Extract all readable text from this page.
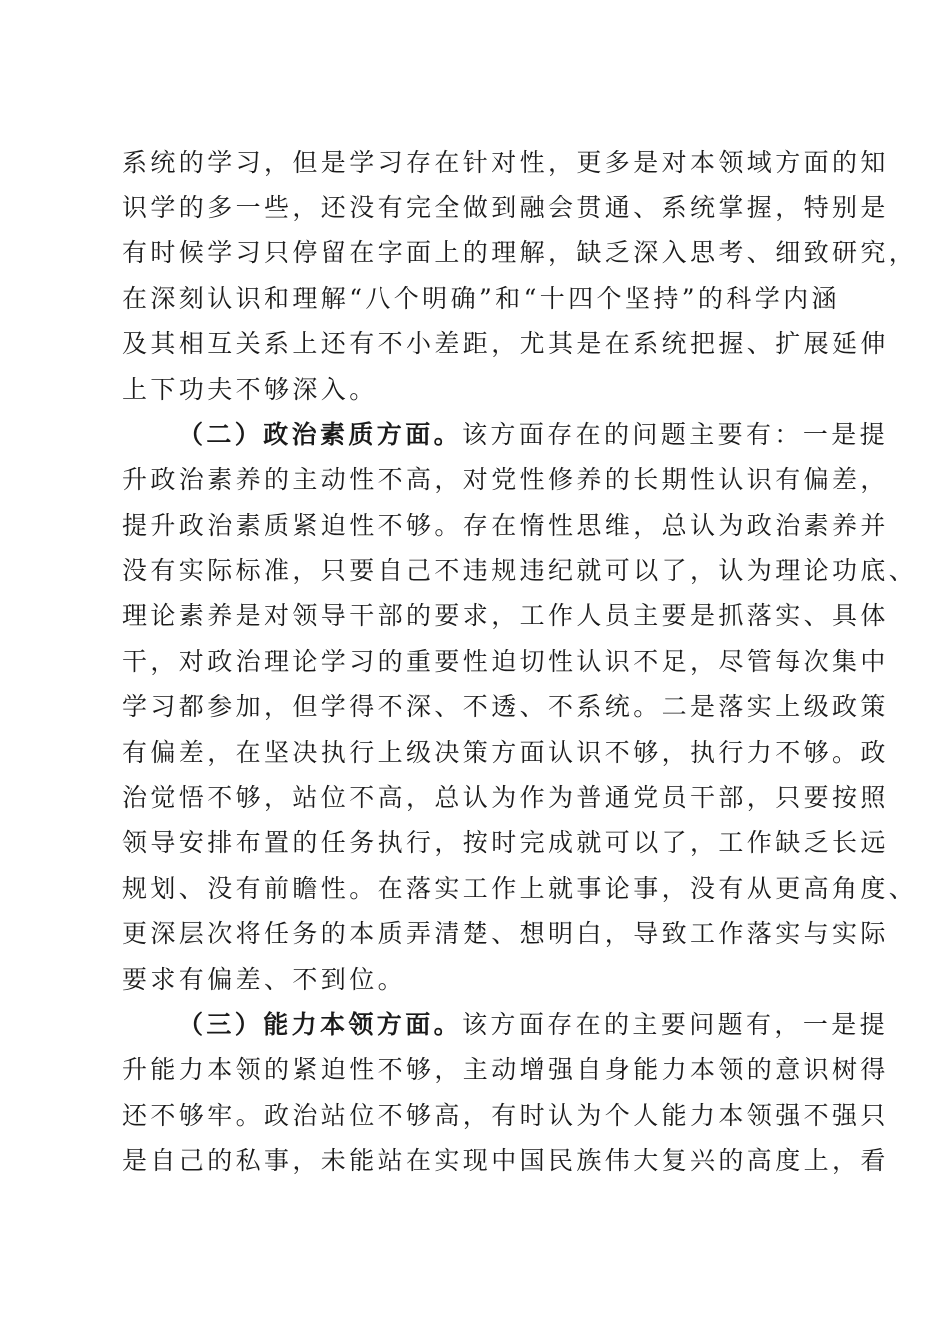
系统的学习，但是学习存在针对性，更多是对本领域方面的知
识学的多一些，还没有完全做到融会贯通、系统掌握，特别是
有时候学习只停留在字面上的理解，缺乏深入思考、细致研究，
在深刻认识和理解“八个明确”和“十四个坚持”的科学内涵
及其相互关系上还有不小差距，尤其是在系统把握、扩展延伸
上下功夫不够深入。
（二）政治素质方面。该方面存在的问题主要有：一是提
升政治素养的主动性不高，对党性修养的长期性认识有偏差，
提升政治素质紧迫性不够。存在惰性思维，总认为政治素养并
没有实际标准，只要自己不违规违纪就可以了，认为理论功底、
理论素养是对领导干部的要求，工作人员主要是抓落实、具体
干，对政治理论学习的重要性迫切性认识不足，尽管每次集中
学习都参加，但学得不深、不透、不系统。二是落实上级政策
有偏差，在坚决执行上级决策方面认识不够，执行力不够。政
治觉悟不够，站位不高，总认为作为普通党员干部，只要按照
领导安排布置的任务执行，按时完成就可以了，工作缺乏长远
规划、没有前瞻性。在落实工作上就事论事，没有从更高角度、
更深层次将任务的本质弄清楚、想明白，导致工作落实与实际
要求有偏差、不到位。
（三）能力本领方面。该方面存在的主要问题有，一是提
升能力本领的紧迫性不够，主动增强自身能力本领的意识树得
还不够牢。政治站位不够高，有时认为个人能力本领强不强只
是自己的私事，未能站在实现中国民族伟大复兴的高度上，看
